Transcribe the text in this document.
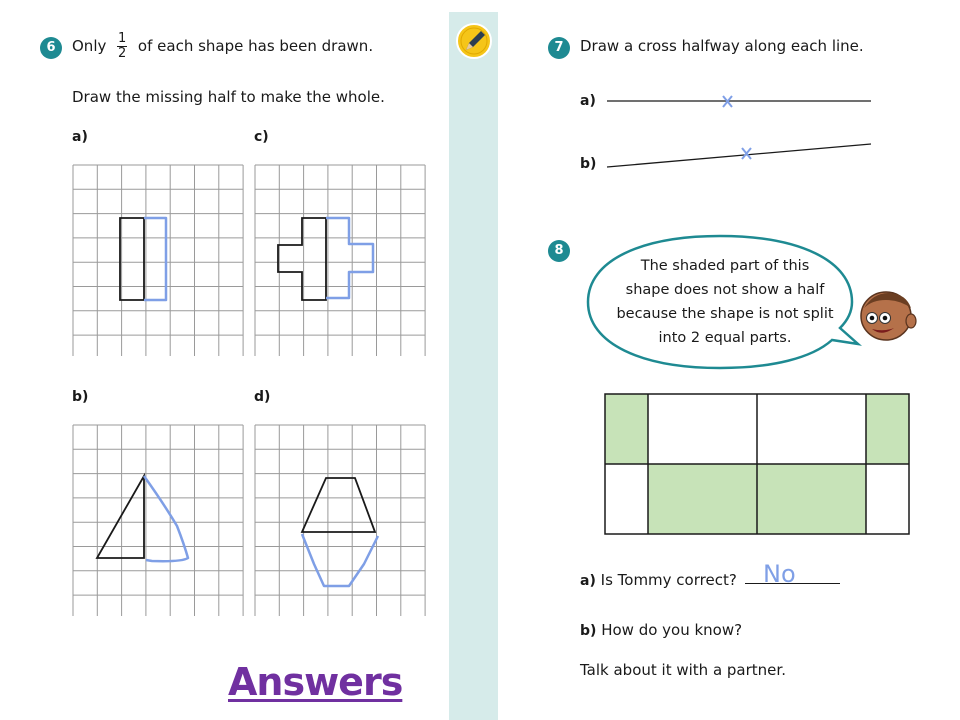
6	Only $\frac{1}{2}$ of each shape has been drawn.
Draw the missing half to make the whole.
a)
b)
c)
d)
7	Draw a cross halfway along each line.
a)
b)
8
The shaded part of this
shape does not show a half
because the shape is not split
into 2 equal parts.
a) Is Tommy correct? No
b) How do you know?
Talk about it with a partner.
Answers
